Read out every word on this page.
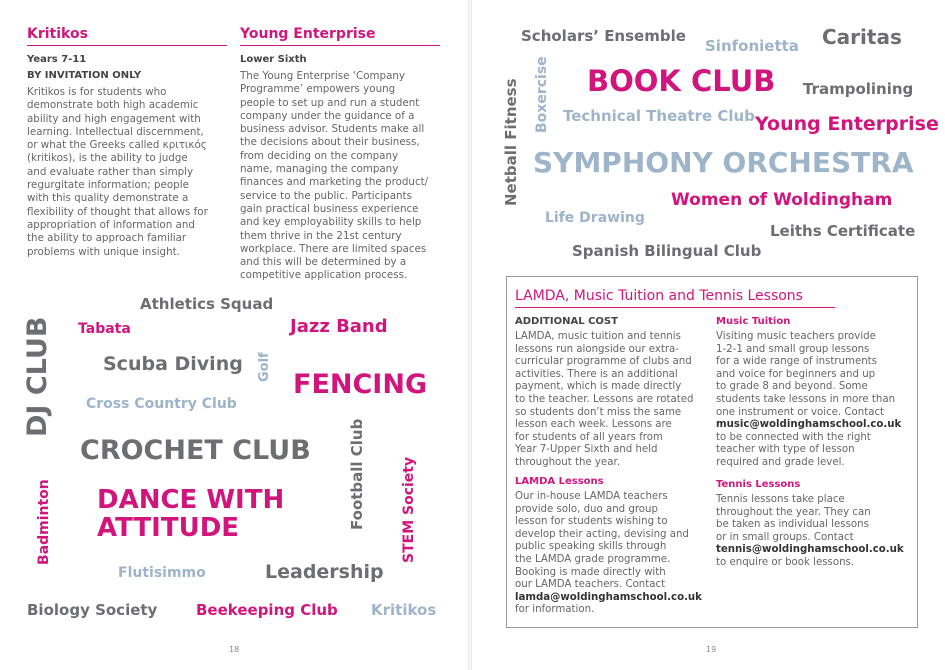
Kritikos
Years 7-11
BY INVITATION ONLY
Kritikos is for students who
demonstrate both high academic
ability and high engagement with
learning. Intellectual discernment,
or what the Greeks called κριτικός
(kritikos), is the ability to judge
and evaluate rather than simply
regurgitate information; people
with this quality demonstrate a
flexibility of thought that allows for
appropriation of information and
the ability to approach familiar
problems with unique insight.
Young Enterprise
Lower Sixth
The Young Enterprise ‘Company
Programme’ empowers young
people to set up and run a student
company under the guidance of a
business advisor. Students make all
the decisions about their business,
from deciding on the company
name, managing the company
finances and marketing the product/
service to the public. Participants
gain practical business experience
and key employability skills to help
them thrive in the 21st century
workplace. There are limited spaces
and this will be determined by a
competitive application process.
Athletics Squad
Tabata	Jazz Band
DJ CLUB	Scuba Diving Golf
FENCING
Cross Country Club
CROCHET CLUB Football Club
DANCE WITH
ATTITUDE
Badminton	STEM Society
Flutisimmo	Leadership
Biology Society	Beekeeping Club Kritikos
18
Scholars’ Ensemble
Sinfonietta Caritas
Boxercise
Netball Fitness BOOK CLUB Trampolining
Technical Theatre Club Young Enterprise
SYMPHONY ORCHESTRA
Life Drawing
Women of Woldingham
Leiths Certificate
Spanish Bilingual Club
LAMDA, Music Tuition and Tennis Lessons
ADDITIONAL COST
LAMDA, music tuition and tennis
lessons run alongside our extra-
curricular programme of clubs and
activities. There is an additional
payment, which is made directly
to the teacher. Lessons are rotated
so students don’t miss the same
lesson each week. Lessons are
for students of all years from
Year 7-Upper Sixth and held
throughout the year.
LAMDA Lessons
Our in-house LAMDA teachers
provide solo, duo and group
lesson for students wishing to
develop their acting, devising and
public speaking skills through
the LAMDA grade programme.
Booking is made directly with
our LAMDA teachers. Contact
lamda@woldinghamschool.co.uk
for information.
Music Tuition
Visiting music teachers provide
1-2-1 and small group lessons
for a wide range of instruments
and voice for beginners and up
to grade 8 and beyond. Some
students take lessons in more than
one instrument or voice. Contact
music@woldinghamschool.co.uk
to be connected with the right
teacher with type of lesson
required and grade level.
Tennis Lessons
Tennis lessons take place
throughout the year. They can
be taken as individual lessons
or in small groups. Contact
tennis@woldinghamschool.co.uk
to enquire or book lessons.
19
